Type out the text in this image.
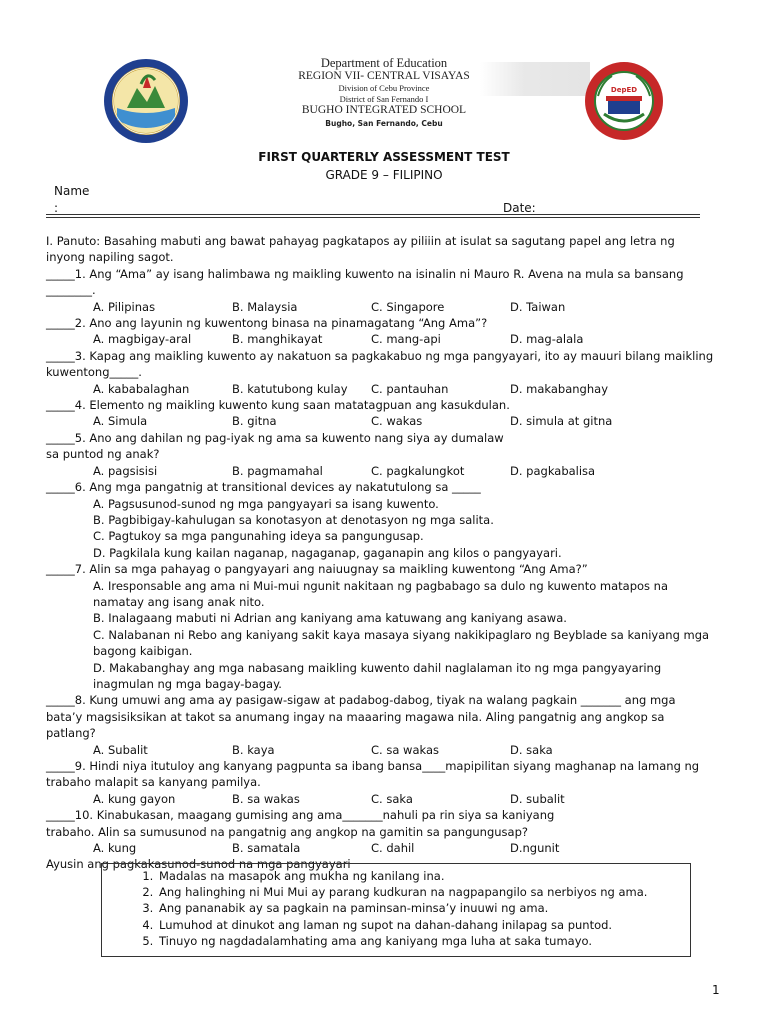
DepED
Department of Education
REGION VII- CENTRAL VISAYAS
Division of Cebu Province
District of San Fernando I
BUGHO INTEGRATED SCHOOL
Bugho, San Fernando, Cebu
FIRST QUARTERLY ASSESSMENT TEST
GRADE 9 – FILIPINO
Name
:	Date:

I. Panuto: Basahing mabuti ang bawat pahayag pagkatapos ay piliiin at isulat sa sagutang papel ang letra ng inyong napiling sagot.

_____1. Ang “Ama” ay isang halimbawa ng maikling kuwento na isinalin ni Mauro R. Avena na mula sa bansang ________.

A. Pilipinas	B. Malaysia	C. Singapore	D. Taiwan

_____2. Ano ang layunin ng kuwentong binasa na pinamagatang “Ang Ama”?

A. magbigay-aral	B. manghikayat	C. mang-api	D. mag-alala

_____3. Kapag ang maikling kuwento ay nakatuon sa pagkakabuo ng mga pangyayari, ito ay mauuri bilang maikling kuwentong_____.

A. kababalaghan	B. katutubong kulay	C. pantauhan	D. makabanghay

_____4. Elemento ng maikling kuwento kung saan matatagpuan ang kasukdulan.

A. Simula	B. gitna	C. wakas	D. simula at gitna

_____5. Ano ang dahilan ng pag-iyak ng ama sa kuwento nang siya ay dumalaw sa puntod ng anak?

A. pagsisisi	B. pagmamahal	C. pagkalungkot	D. pagkabalisa

_____6. Ang mga pangatnig at transitional devices ay nakatutulong sa _____

A. Pagsusunod-sunod ng mga pangyayari sa isang kuwento.
B. Pagbibigay-kahulugan sa konotasyon at denotasyon ng mga salita.
C. Pagtukoy sa mga pangunahing ideya sa pangungusap.
D. Pagkilala kung kailan naganap, nagaganap, gaganapin ang kilos o pangyayari.

_____7. Alin sa mga pahayag o pangyayari ang naiuugnay sa maikling kuwentong “Ang Ama?”

A. Iresponsable ang ama ni Mui-mui ngunit nakitaan ng pagbabago sa dulo ng kuwento matapos na namatay ang isang anak nito.
B. Inalagaang mabuti ni Adrian ang kaniyang ama katuwang ang kaniyang asawa.
C. Nalabanan ni Rebo ang kaniyang sakit kaya masaya siyang nakikipaglaro ng Beyblade sa kaniyang mga bagong kaibigan.
D. Makabanghay ang mga nabasang maikling kuwento dahil naglalaman ito ng mga pangyayaring inagmulan ng mga bagay-bagay.

_____8. Kung umuwi ang ama ay pasigaw-sigaw at padabog-dabog, tiyak na walang pagkain _______ ang mga bata’y magsisiksikan at takot sa anumang ingay na maaaring magawa nila. Aling pangatnig ang angkop sa patlang?

A. Subalit	B. kaya	C. sa wakas	D. saka

_____9. Hindi niya itutuloy ang kanyang pagpunta sa ibang bansa____mapipilitan siyang maghanap na lamang ng trabaho malapit sa kanyang pamilya.

A. kung gayon	B. sa wakas	C. saka	D. subalit

_____10. Kinabukasan, maagang gumising ang ama_______nahuli pa rin siya sa kaniyang trabaho. Alin sa sumusunod na pangatnig ang angkop na gamitin sa pangungusap?

A. kung	B. samatala	C. dahil	D.ngunit

Ayusin ang pagkakasunod-sunod na mga pangyayari

1. Madalas na masapok ang mukha ng kanilang ina.
2. Ang halinghing ni Mui Mui ay parang kudkuran na nagpapangilo sa nerbiyos ng ama.
3. Ang pananabik ay sa pagkain na paminsan-minsa’y inuuwi ng ama.
4. Lumuhod at dinukot ang laman ng supot na dahan-dahang inilapag sa puntod.
5. Tinuyo ng nagdadalamhating ama ang kaniyang mga luha at saka tumayo.
1
